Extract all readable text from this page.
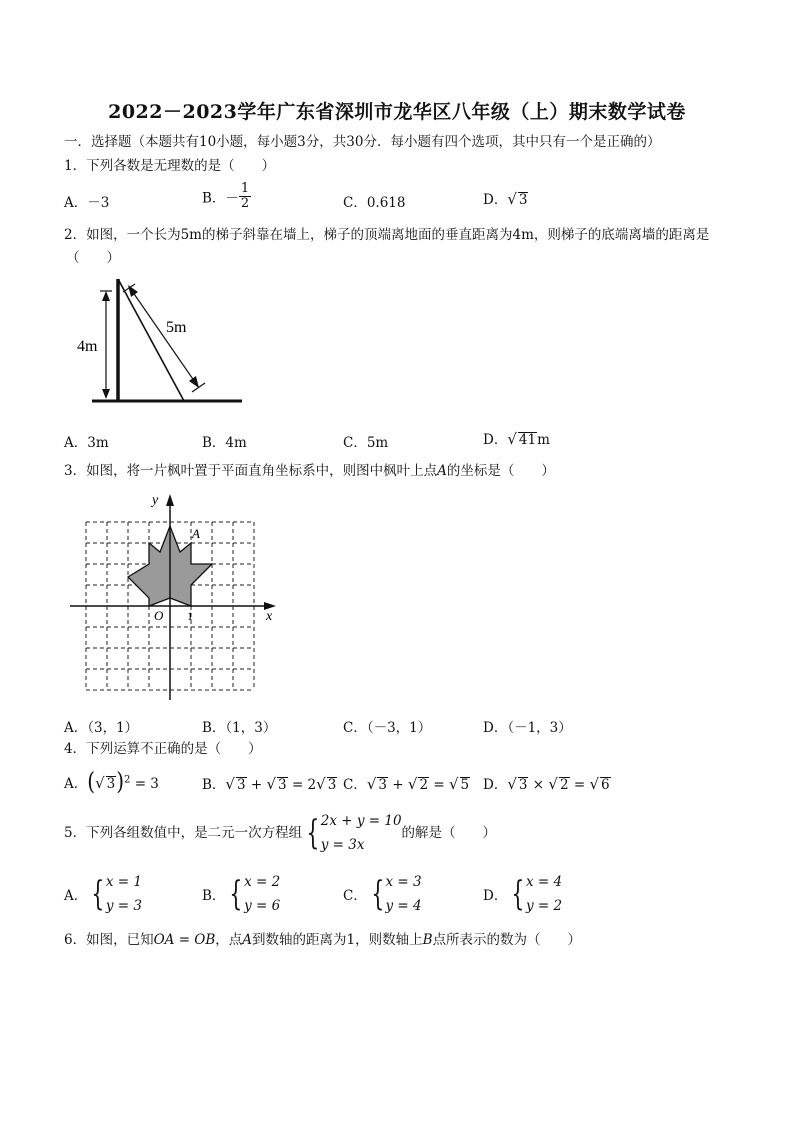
2022－2023学年广东省深圳市龙华区八年级（上）期末数学试卷
一．选择题（本题共有10小题，每小题3分，共30分．每小题有四个选项，其中只有一个是正确的）
1．下列各数是无理数的是（　　）
A．－3	B．－ $\frac{1}{2}$	C．0.618	D．√ 3
2．如图，一个长为5m的梯子斜靠在墙上，梯子的顶端离地面的垂直距离为4m，则梯子的底端离墙的距离是
（　　）
4m
5m
A．3m	B．4m	C．5m	D．√ 41m
3．如图，将一片枫叶置于平面直角坐标系中，则图中枫叶上点A的坐标是（　　）
y
x
O 1
A
A．（3，1）	B．（1，3）	C．（－3，1）	D．（－1，3）
4．下列运算不正确的是（　　）
A．(√ 3)$^2$ = 3	B．√ 3 + √ 3 = 2√ 3 C．√ 3 + √ 2 = √ 5 D．√ 3 × √ 2 = √ 6
5．下列各组数值中，是二元一次方程组 { 2x + y = 10
y = 3x
的解是（　　）
A． { x = 1
y = 3
B． { x = 2
y = 6
C． { x = 3
y = 4
D． { x = 4
y = 2
6．如图，已知OA = OB，点A到数轴的距离为1，则数轴上B点所表示的数为（　　）
